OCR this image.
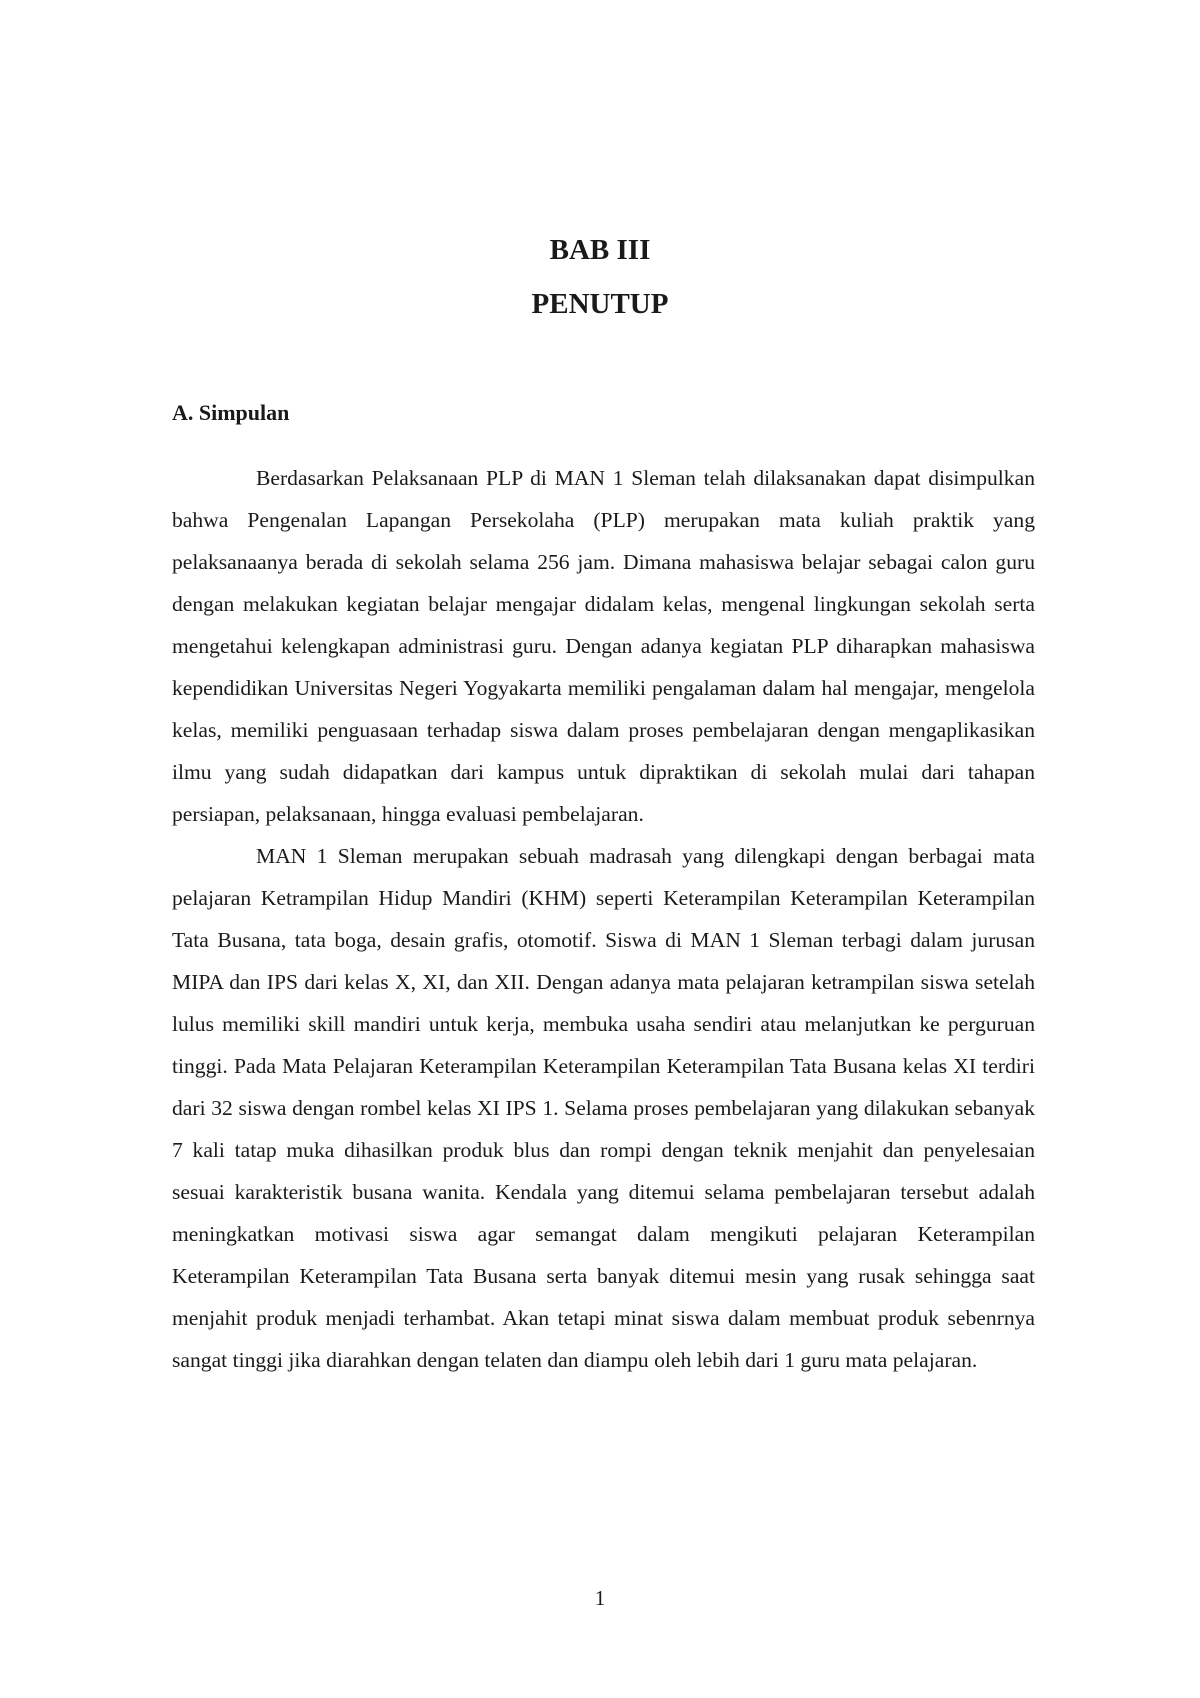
BAB III
PENUTUP
A. Simpulan

Berdasarkan Pelaksanaan PLP di MAN 1 Sleman telah dilaksanakan dapat disimpulkan bahwa Pengenalan Lapangan Persekolaha (PLP) merupakan mata kuliah praktik yang pelaksanaanya berada di sekolah selama 256 jam. Dimana mahasiswa belajar sebagai calon guru dengan melakukan kegiatan belajar mengajar didalam kelas, mengenal lingkungan sekolah serta mengetahui kelengkapan administrasi guru. Dengan adanya kegiatan PLP diharapkan mahasiswa kependidikan Universitas Negeri Yogyakarta memiliki pengalaman dalam hal mengajar, mengelola kelas, memiliki penguasaan terhadap siswa dalam proses pembelajaran dengan mengaplikasikan ilmu yang sudah didapatkan dari kampus untuk dipraktikan di sekolah mulai dari tahapan persiapan, pelaksanaan, hingga evaluasi pembelajaran.

MAN 1 Sleman merupakan sebuah madrasah yang dilengkapi dengan berbagai mata pelajaran Ketrampilan Hidup Mandiri (KHM) seperti Keterampilan Keterampilan Keterampilan Tata Busana, tata boga, desain grafis, otomotif. Siswa di MAN 1 Sleman terbagi dalam jurusan MIPA dan IPS dari kelas X, XI, dan XII. Dengan adanya mata pelajaran ketrampilan siswa setelah lulus memiliki skill mandiri untuk kerja, membuka usaha sendiri atau melanjutkan ke perguruan tinggi. Pada Mata Pelajaran Keterampilan Keterampilan Keterampilan Tata Busana kelas XI terdiri dari 32 siswa dengan rombel kelas XI IPS 1. Selama proses pembelajaran yang dilakukan sebanyak 7 kali tatap muka dihasilkan produk blus dan rompi dengan teknik menjahit dan penyelesaian sesuai karakteristik busana wanita. Kendala yang ditemui selama pembelajaran tersebut adalah meningkatkan motivasi siswa agar semangat dalam mengikuti pelajaran Keterampilan Keterampilan Keterampilan Tata Busana serta banyak ditemui mesin yang rusak sehingga saat menjahit produk menjadi terhambat. Akan tetapi minat siswa dalam membuat produk sebenrnya sangat tinggi jika diarahkan dengan telaten dan diampu oleh lebih dari 1 guru mata pelajaran.

1
